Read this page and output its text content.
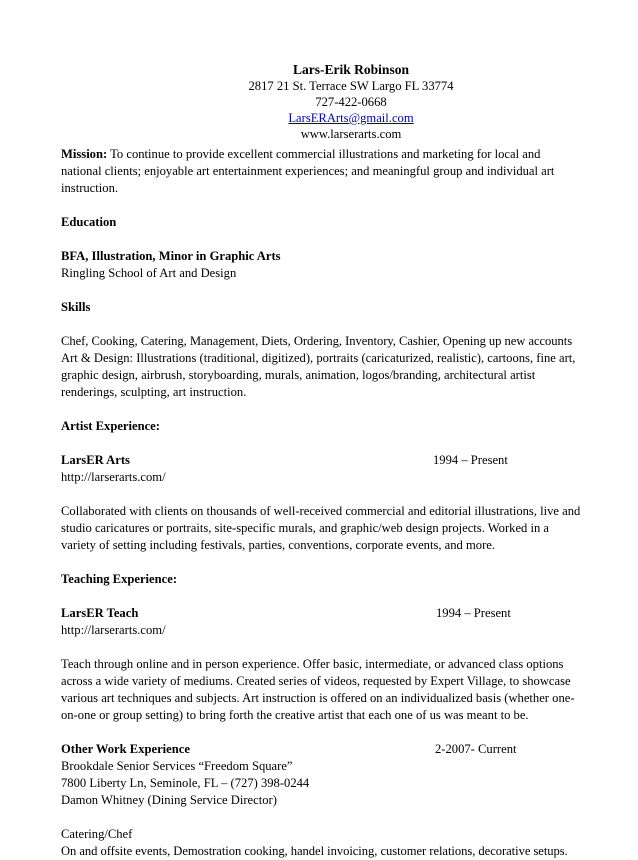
Lars-Erik Robinson
2817 21 St. Terrace SW Largo FL 33774
727-422-0668
LarsERArts@gmail.com
www.larserarts.com

Mission: To continue to provide excellent commercial illustrations and marketing for local and national clients; enjoyable art entertainment experiences; and meaningful group and individual art instruction.

Education
BFA, Illustration, Minor in Graphic Arts
Ringling School of Art and Design
Skills
Chef, Cooking, Catering, Management, Diets, Ordering, Inventory, Cashier, Opening up new accounts

Art & Design: Illustrations (traditional, digitized), portraits (caricaturized, realistic), cartoons, fine art, graphic design, airbrush, storyboarding, murals, animation, logos/branding, architectural artist renderings, sculpting, art instruction.

Artist Experience:
LarsER Arts	1994 – Present
http://larserarts.com/

Collaborated with clients on thousands of well-received commercial and editorial illustrations, live and studio caricatures or portraits, site-specific murals, and graphic/web design projects. Worked in a variety of setting including festivals, parties, conventions, corporate events, and more.

Teaching Experience:
LarsER Teach	1994 – Present
http://larserarts.com/

Teach through online and in person experience. Offer basic, intermediate, or advanced class options across a wide variety of mediums. Created series of videos, requested by Expert Village, to showcase various art techniques and subjects. Art instruction is offered on an individualized basis (whether one-on-one or group setting) to bring forth the creative artist that each one of us was meant to be.

Other Work Experience	2-2007- Current
Brookdale Senior Services “Freedom Square”
7800 Liberty Ln, Seminole, FL – (727) 398-0244
Damon Whitney (Dining Service Director)
Catering/Chef
On and offsite events, Demostration cooking, handel invoicing, customer relations, decorative setups.
